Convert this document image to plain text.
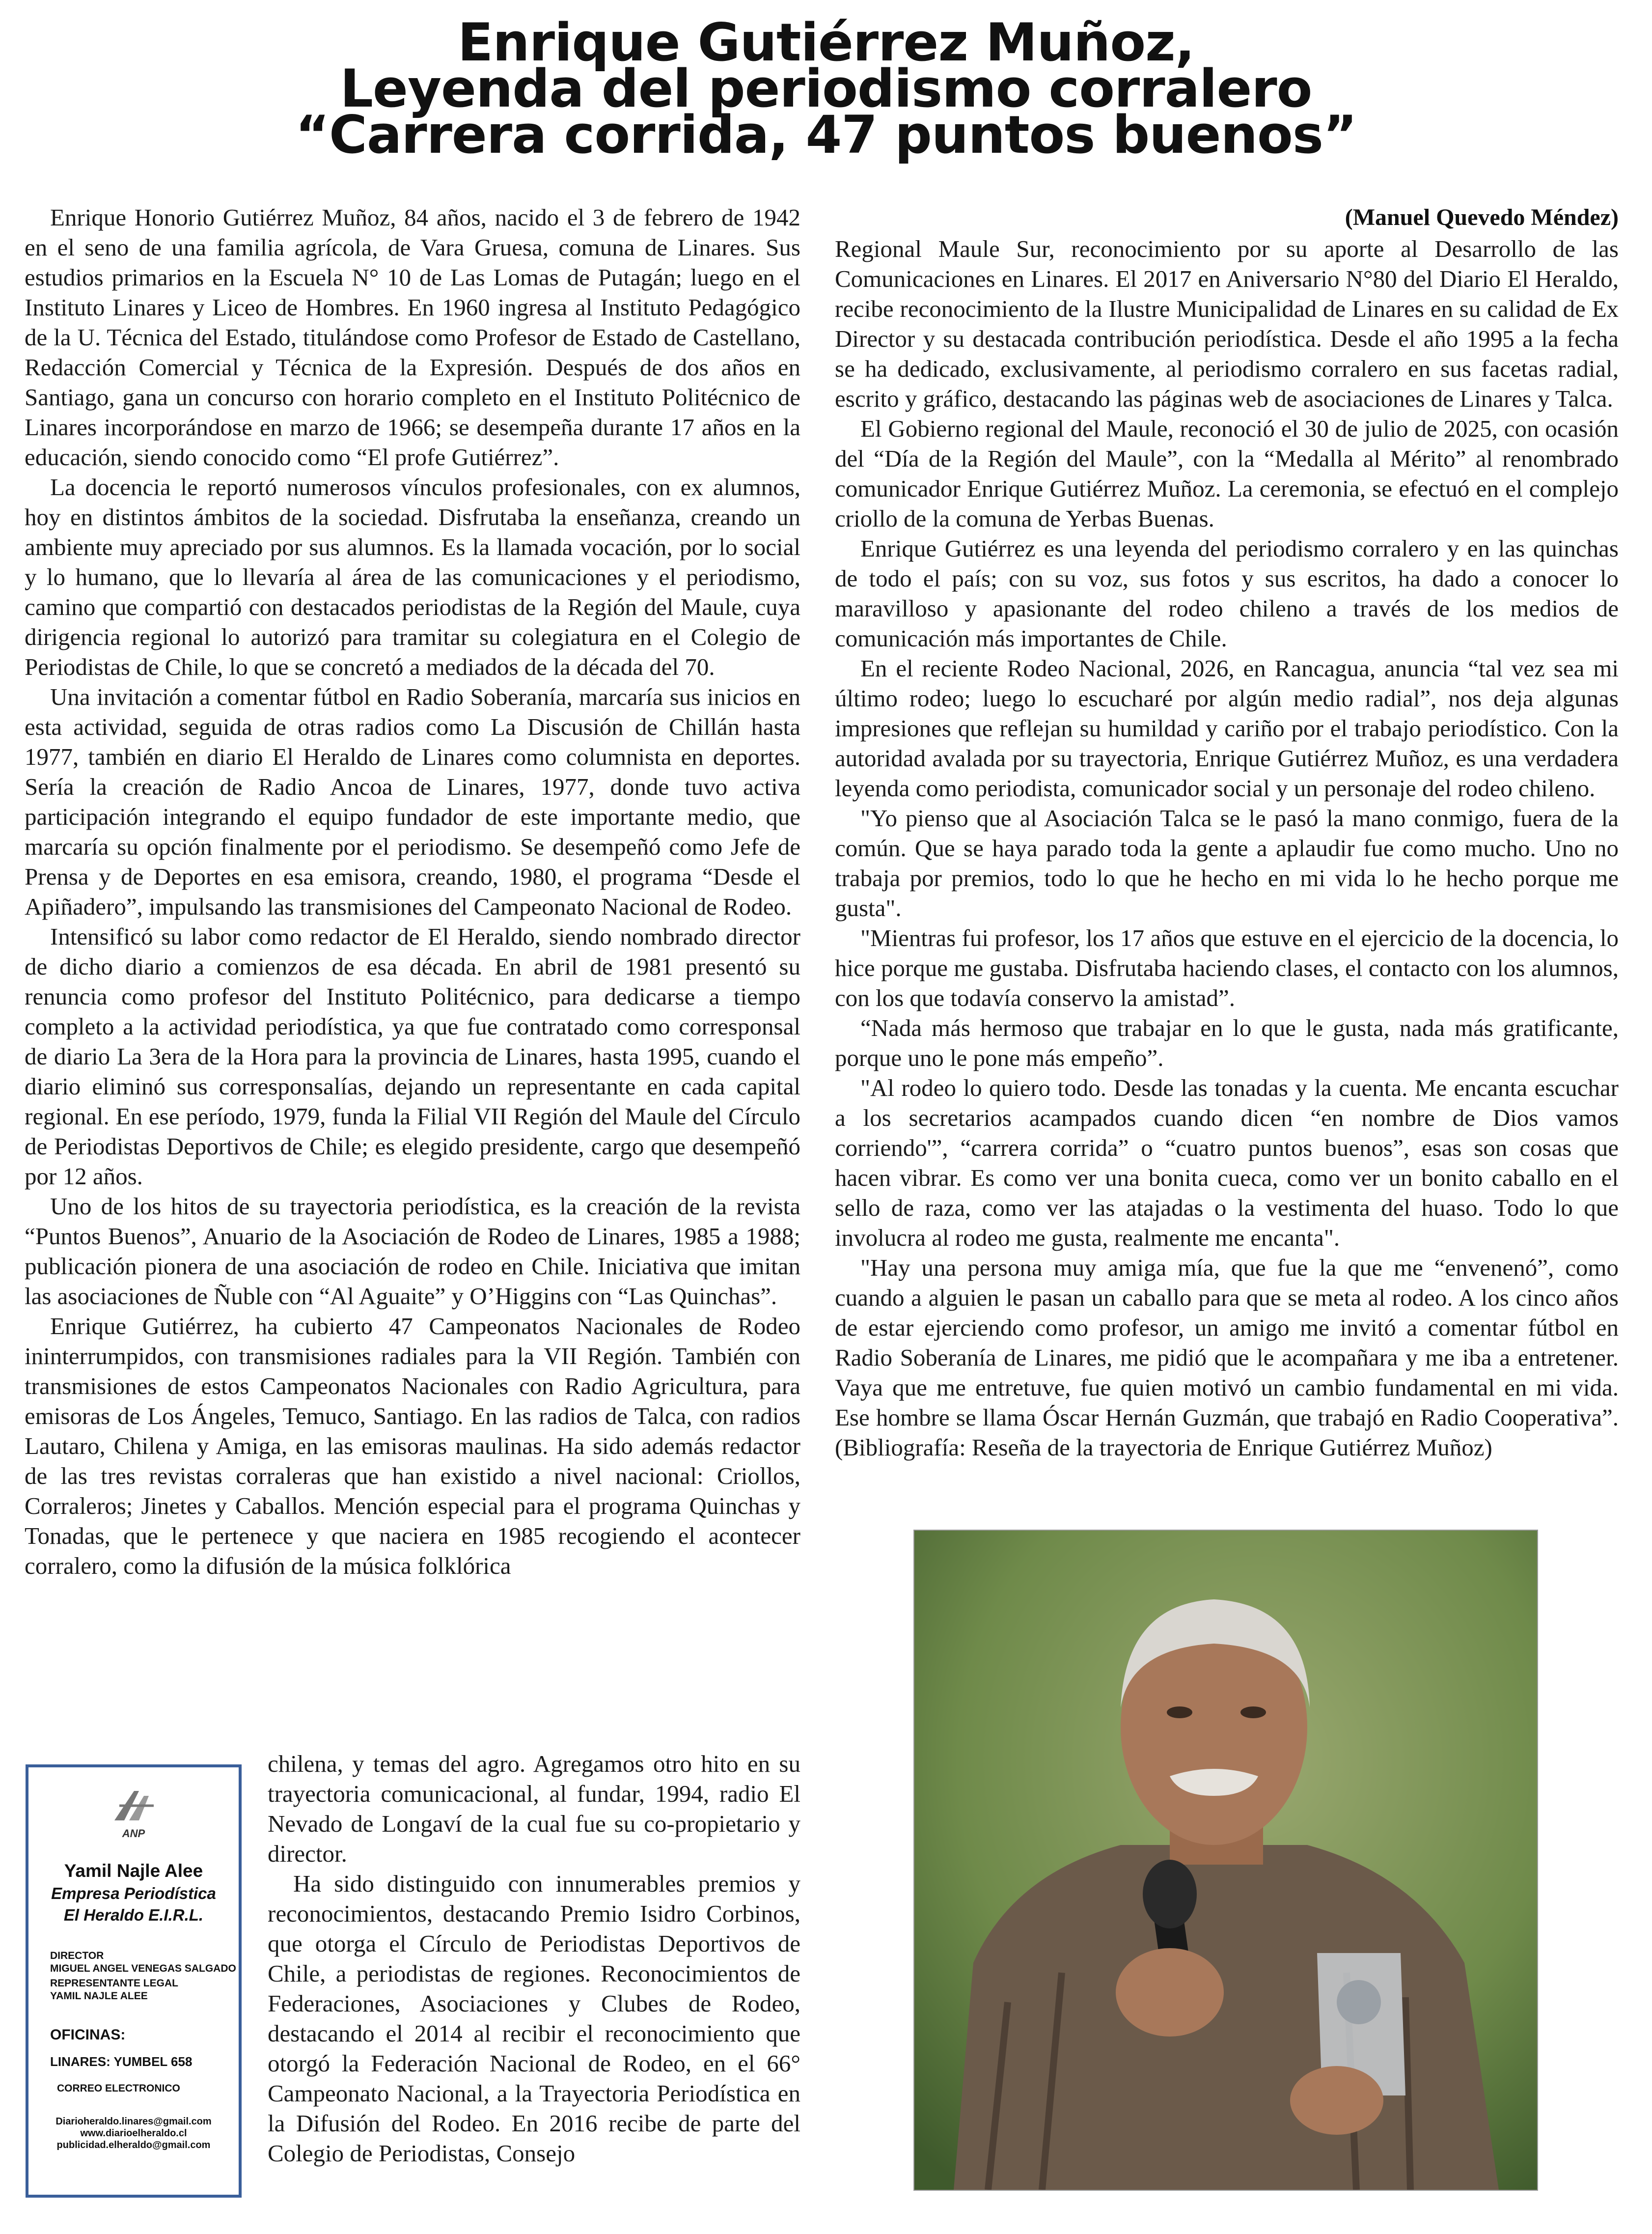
Enrique Gutiérrez Muñoz,
Leyenda del periodismo corralero
“Carrera corrida, 47 puntos buenos”
(Manuel Quevedo Méndez)

Enrique Honorio Gutiérrez Muñoz, 84 años, nacido el 3 de febrero de 1942 en el seno de una familia agrícola, de Vara Gruesa, comuna de Linares. Sus estudios primarios en la Escuela N° 10 de Las Lomas de Putagán; luego en el Instituto Linares y Liceo de Hombres. En 1960 ingresa al Instituto Pedagógico de la U. Técnica del Estado, titulándose como Profesor de Estado de Castellano, Redacción Comercial y Técnica de la Expresión. Después de dos años en Santiago, gana un concurso con horario completo en el Instituto Politécnico de Linares incorporándose en marzo de 1966; se desempeña durante 17 años en la educación, siendo conocido como “El profe Gutiérrez”.

La docencia le reportó numerosos vínculos profesionales, con ex alumnos, hoy en distintos ámbitos de la sociedad. Disfrutaba la enseñanza, creando un ambiente muy apreciado por sus alumnos. Es la llamada vocación, por lo social y lo humano, que lo llevaría al área de las comunicaciones y el periodismo, camino que compartió con destacados periodistas de la Región del Maule, cuya dirigencia regional lo autorizó para tramitar su colegiatura en el Colegio de Periodistas de Chile, lo que se concretó a mediados de la década del 70.

Una invitación a comentar fútbol en Radio Soberanía, marcaría sus inicios en esta actividad, seguida de otras radios como La Discusión de Chillán hasta 1977, también en diario El Heraldo de Linares como columnista en deportes. Sería la creación de Radio Ancoa de Linares, 1977, donde tuvo activa participación integrando el equipo fundador de este importante medio, que marcaría su opción finalmente por el periodismo. Se desempeñó como Jefe de Prensa y de Deportes en esa emisora, creando, 1980, el programa “Desde el Apiñadero”, impulsando las transmisiones del Campeonato Nacional de Rodeo.

Intensificó su labor como redactor de El Heraldo, siendo nombrado director de dicho diario a comienzos de esa década. En abril de 1981 presentó su renuncia como profesor del Instituto Politécnico, para dedicarse a tiempo completo a la actividad periodística, ya que fue contratado como corresponsal de diario La 3era de la Hora para la provincia de Linares, hasta 1995, cuando el diario eliminó sus corresponsalías, dejando un representante en cada capital regional. En ese período, 1979, funda la Filial VII Región del Maule del Círculo de Periodistas Deportivos de Chile; es elegido presidente, cargo que desempeñó por 12 años.

Uno de los hitos de su trayectoria periodística, es la creación de la revista “Puntos Buenos”, Anuario de la Asociación de Rodeo de Linares, 1985 a 1988; publicación pionera de una asociación de rodeo en Chile. Iniciativa que imitan las asociaciones de Ñuble con “Al Aguaite” y O’Higgins con “Las Quinchas”.

Enrique Gutiérrez, ha cubierto 47 Campeonatos Nacionales de Rodeo ininterrumpidos, con transmisiones radiales para la VII Región. También con transmisiones de estos Campeonatos Nacionales con Radio Agricultura, para emisoras de Los Ángeles, Temuco, Santiago. En las radios de Talca, con radios Lautaro, Chilena y Amiga, en las emisoras maulinas. Ha sido además redactor de las tres revistas corraleras que han existido a nivel nacional: Criollos, Corraleros; Jinetes y Caballos. Mención especial para el programa Quinchas y Tonadas, que le pertenece y que naciera en 1985 recogiendo el acontecer corralero, como la difusión de la música folklórica

chilena, y temas del agro. Agregamos otro hito en su trayectoria comunicacional, al fundar, 1994, radio El Nevado de Longaví de la cual fue su co-propietario y director.

Ha sido distinguido con innumerables premios y reconocimientos, destacando Premio Isidro Corbinos, que otorga el Círculo de Periodistas Deportivos de Chile, a periodistas de regiones. Reconocimientos de Federaciones, Asociaciones y Clubes de Rodeo, destacando el 2014 al recibir el reconocimiento que otorgó la Federación Nacional de Rodeo, en el 66° Campeonato Nacional, a la Trayectoria Periodística en la Difusión del Rodeo. En 2016 recibe de parte del Colegio de Periodistas, Consejo

Regional Maule Sur, reconocimiento por su aporte al Desarrollo de las Comunicaciones en Linares. El 2017 en Aniversario N°80 del Diario El Heraldo, recibe reconocimiento de la Ilustre Municipalidad de Linares en su calidad de Ex Director y su destacada contribución periodística. Desde el año 1995 a la fecha se ha dedicado, exclusivamente, al periodismo corralero en sus facetas radial, escrito y gráfico, destacando las páginas web de asociaciones de Linares y Talca.

El Gobierno regional del Maule, reconoció el 30 de julio de 2025, con ocasión del “Día de la Región del Maule”, con la “Medalla al Mérito” al renombrado comunicador Enrique Gutiérrez Muñoz. La ceremonia, se efectuó en el complejo criollo de la comuna de Yerbas Buenas.

Enrique Gutiérrez es una leyenda del periodismo corralero y en las quinchas de todo el país; con su voz, sus fotos y sus escritos, ha dado a conocer lo maravilloso y apasionante del rodeo chileno a través de los medios de comunicación más importantes de Chile.

En el reciente Rodeo Nacional, 2026, en Rancagua, anuncia “tal vez sea mi último rodeo; luego lo escucharé por algún medio radial”, nos deja algunas impresiones que reflejan su humildad y cariño por el trabajo periodístico. Con la autoridad avalada por su trayectoria, Enrique Gutiérrez Muñoz, es una verdadera leyenda como periodista, comunicador social y un personaje del rodeo chileno.

"Yo pienso que al Asociación Talca se le pasó la mano conmigo, fuera de la común. Que se haya parado toda la gente a aplaudir fue como mucho. Uno no trabaja por premios, todo lo que he hecho en mi vida lo he hecho porque me gusta".

"Mientras fui profesor, los 17 años que estuve en el ejercicio de la docencia, lo hice porque me gustaba. Disfrutaba haciendo clases, el contacto con los alumnos, con los que todavía conservo la amistad”.

“Nada más hermoso que trabajar en lo que le gusta, nada más gratificante, porque uno le pone más empeño”.

"Al rodeo lo quiero todo. Desde las tonadas y la cuenta. Me encanta escuchar a los secretarios acampados cuando dicen “en nombre de Dios vamos corriendo'”, “carrera corrida” o “cuatro puntos buenos”, esas son cosas que hacen vibrar. Es como ver una bonita cueca, como ver un bonito caballo en el sello de raza, como ver las atajadas o la vestimenta del huaso. Todo lo que involucra al rodeo me gusta, realmente me encanta".

"Hay una persona muy amiga mía, que fue la que me “envenenó”, como cuando a alguien le pasan un caballo para que se meta al rodeo. A los cinco años de estar ejerciendo como profesor, un amigo me invitó a comentar fútbol en Radio Soberanía de Linares, me pidió que le acompañara y me iba a entretener. Vaya que me entretuve, fue quien motivó un cambio fundamental en mi vida. Ese hombre se llama Óscar Hernán Guzmán, que trabajó en Radio Cooperativa”. (Bibliografía: Reseña de la trayectoria de Enrique Gutiérrez Muñoz)

ANP
Yamil Najle Alee
Empresa Periodística
El Heraldo E.I.R.L.
DIRECTOR
MIGUEL ANGEL VENEGAS SALGADO
REPRESENTANTE LEGAL
YAMIL NAJLE ALEE
OFICINAS:
LINARES: YUMBEL 658
CORREO ELECTRONICO
Diarioheraldo.linares@gmail.com
www.diarioelheraldo.cl
publicidad.elheraldo@gmail.com
